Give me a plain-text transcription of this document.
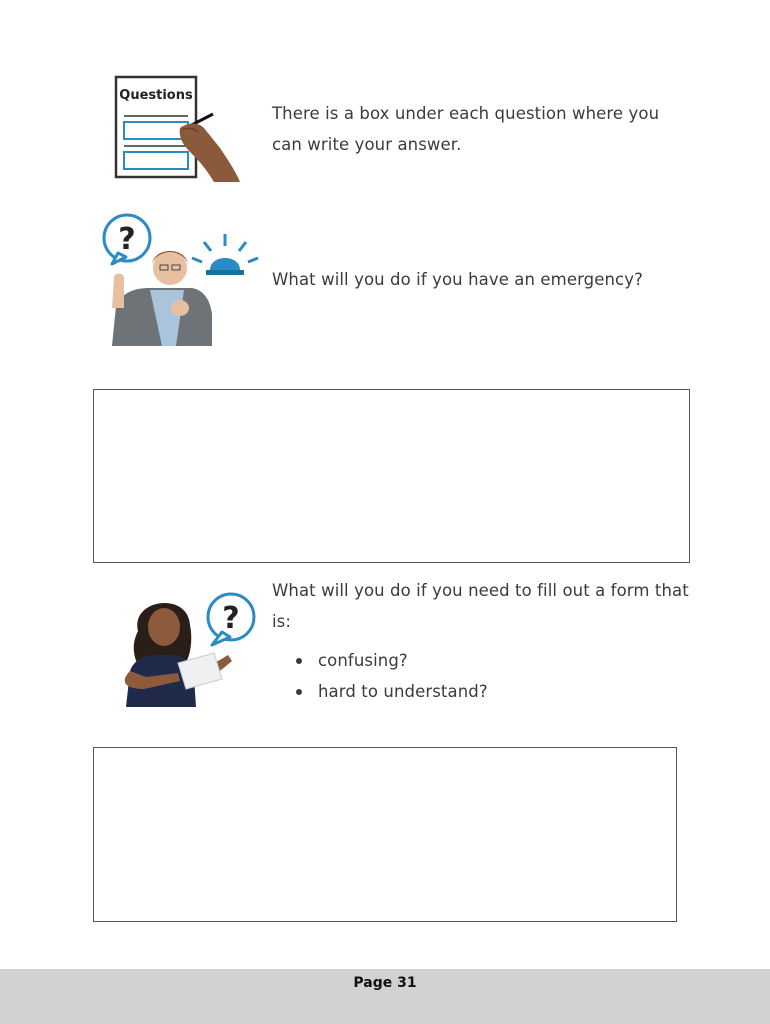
Questions
There is a box under each question where you can write your answer.
?
What will you do if you have an emergency?
?
What will you do if you need to fill out a form that is:
confusing?
hard to understand?
Page 31
